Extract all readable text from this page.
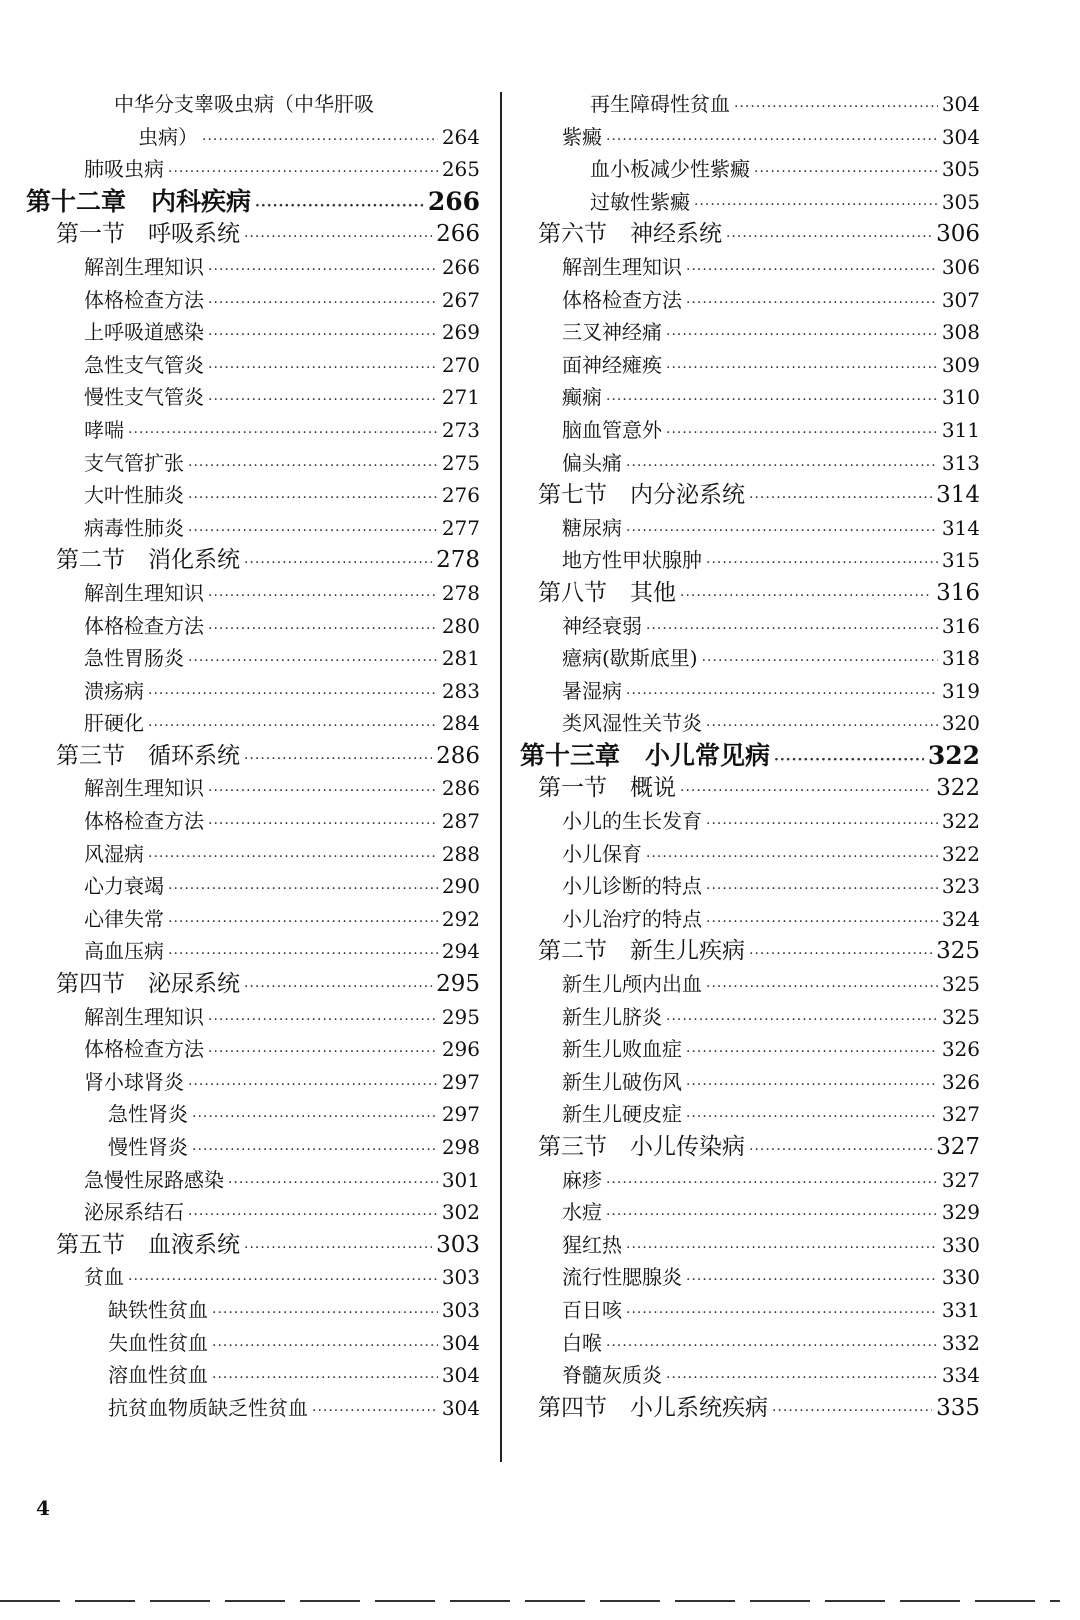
中华分支睾吸虫病（中华肝吸
虫病） ·····	264
肺吸虫病 ·····	265
第十二章　内科疾病 ·····	266
第一节　呼吸系统 ·····	266
解剖生理知识 ·····	266
体格检查方法 ·····	267
上呼吸道感染 ·····	269
急性支气管炎 ·····	270
慢性支气管炎 ·····	271
哮喘 ·····	273
支气管扩张 ·····	275
大叶性肺炎 ·····	276
病毒性肺炎 ·····	277
第二节　消化系统 ·····	278
解剖生理知识 ·····	278
体格检查方法 ·····	280
急性胃肠炎 ·····	281
溃疡病 ·····	283
肝硬化 ·····	284
第三节　循环系统 ·····	286
解剖生理知识 ·····	286
体格检查方法 ·····	287
风湿病 ·····	288
心力衰竭 ·····	290
心律失常 ·····	292
高血压病 ·····	294
第四节　泌尿系统 ·····	295
解剖生理知识 ·····	295
体格检查方法 ·····	296
肾小球肾炎 ·····	297
急性肾炎 ·····	297
慢性肾炎 ·····	298
急慢性尿路感染 ·····	301
泌尿系结石 ·····	302
第五节　血液系统 ·····	303
贫血 ·····	303
缺铁性贫血 ·····	303
失血性贫血 ·····	304
溶血性贫血 ·····	304
抗贫血物质缺乏性贫血 ·····	304
再生障碍性贫血 ·····	304
紫癜 ·····	304
血小板减少性紫癜 ·····	305
过敏性紫癜 ·····	305
第六节　神经系统 ·····	306
解剖生理知识 ·····	306
体格检查方法 ·····	307
三叉神经痛 ·····	308
面神经瘫痪 ·····	309
癫痫 ·····	310
脑血管意外 ·····	311
偏头痛 ·····	313
第七节　内分泌系统 ·····	314
糖尿病 ·····	314
地方性甲状腺肿 ·····	315
第八节　其他 ·····	316
神经衰弱 ·····	316
癔病(歇斯底里) ·····	318
暑湿病 ·····	319
类风湿性关节炎 ·····	320
第十三章　小儿常见病 ·····	322
第一节　概说 ·····	322
小儿的生长发育 ·····	322
小儿保育 ·····	322
小儿诊断的特点 ·····	323
小儿治疗的特点 ·····	324
第二节　新生儿疾病 ·····	325
新生儿颅内出血 ·····	325
新生儿脐炎 ·····	325
新生儿败血症 ·····	326
新生儿破伤风 ·····	326
新生儿硬皮症 ·····	327
第三节　小儿传染病 ·····	327
麻疹 ·····	327
水痘 ·····	329
猩红热 ·····	330
流行性腮腺炎 ·····	330
百日咳 ·····	331
白喉 ·····	332
脊髓灰质炎 ·····	334
第四节　小儿系统疾病 ·····	335
4
